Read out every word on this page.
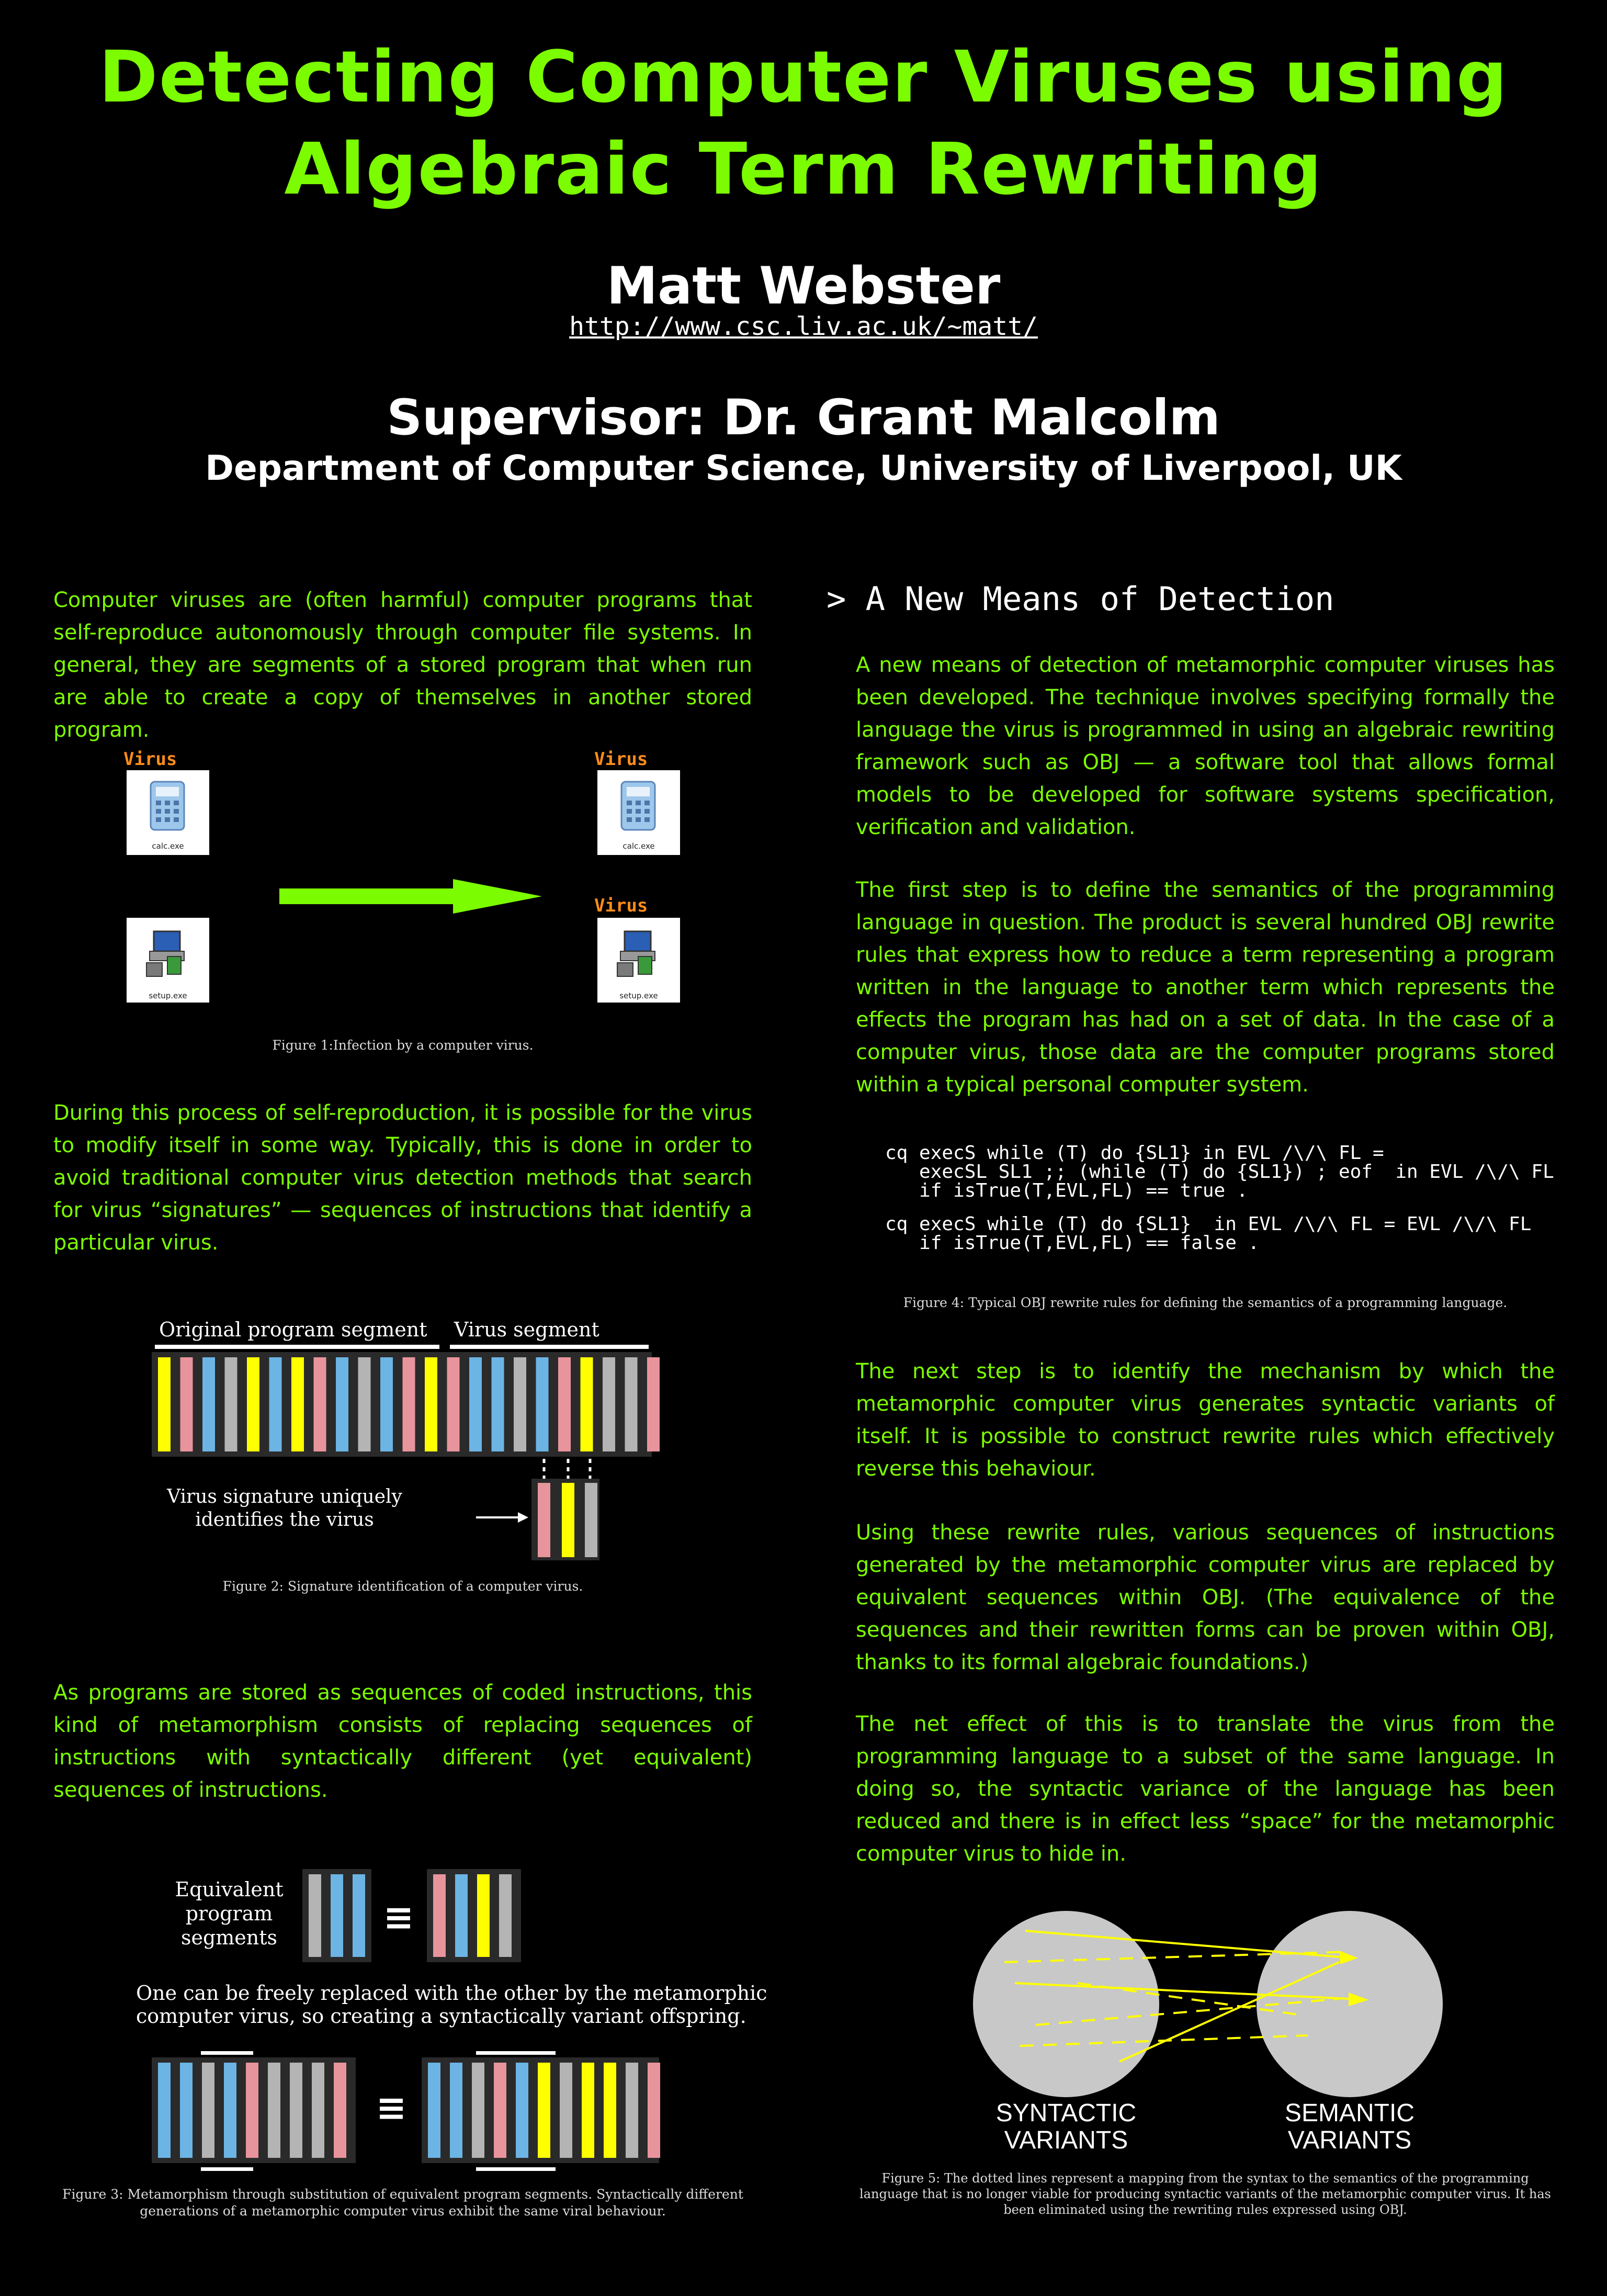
Detecting Computer Viruses using
Algebraic Term Rewriting
Matt Webster
http://www.csc.liv.ac.uk/~matt/
Supervisor: Dr. Grant Malcolm
Department of Computer Science, University of Liverpool, UK
Computer viruses are (often harmful) computer programs that self-reproduce autonomously through computer file systems. In general, they are segments of a stored program that when run are able to create a copy of themselves in another stored program.
Virus
calc.exe
setup.exe
Virus
calc.exe
Virus
setup.exe
Figure 1:Infection by a computer virus.
During this process of self-reproduction, it is possible for the virus to modify itself in some way. Typically, this is done in order to avoid traditional computer virus detection methods that search for virus “signatures” — sequences of instructions that identify a particular virus.
Original program segment Virus segment
Virus signature uniquely
identifies the virus
Figure 2: Signature identification of a computer virus.
As programs are stored as sequences of coded instructions, this kind of metamorphism consists of replacing sequences of instructions with syntactically different (yet equivalent) sequences of instructions.
Equivalent
program
segments	≡
One can be freely replaced with the other by the metamorphic
computer virus, so creating a syntactically variant offspring.
≡
Figure 3: Metamorphism through substitution of equivalent program segments. Syntactically different
generations of a metamorphic computer virus exhibit the same viral behaviour.
> A New Means of Detection
A new means of detection of metamorphic computer viruses has been developed. The technique involves specifying formally the language the virus is programmed in using an algebraic rewriting framework such as OBJ — a software tool that allows formal models to be developed for software systems specification, verification and validation.
The first step is to define the semantics of the programming language in question. The product is several hundred OBJ rewrite rules that express how to reduce a term representing a program written in the language to another term which represents the effects the program has had on a set of data. In the case of a computer virus, those data are the computer programs stored within a typical personal computer system.
cq execS while (T) do {SL1} in EVL /\/\ FL =
execSL SL1 ;; (while (T) do {SL1}) ; eof  in EVL /\/\ FL
if isTrue(T,EVL,FL) == true .
cq execS while (T) do {SL1}  in EVL /\/\ FL = EVL /\/\ FL
if isTrue(T,EVL,FL) == false .
Figure 4: Typical OBJ rewrite rules for defining the semantics of a programming language.
The next step is to identify the mechanism by which the metamorphic computer virus generates syntactic variants of itself. It is possible to construct rewrite rules which effectively reverse this behaviour.
Using these rewrite rules, various sequences of instructions generated by the metamorphic computer virus are replaced by equivalent sequences within OBJ. (The equivalence of the sequences and their rewritten forms can be proven within OBJ, thanks to its formal algebraic foundations.)
The net effect of this is to translate the virus from the programming language to a subset of the same language. In doing so, the syntactic variance of the language has been reduced and there is in effect less “space” for the metamorphic computer virus to hide in.
SYNTACTIC
VARIANTS
SEMANTIC
VARIANTS
Figure 5: The dotted lines represent a mapping from the syntax to the semantics of the programming
language that is no longer viable for producing syntactic variants of the metamorphic computer virus. It has
been eliminated using the rewriting rules expressed using OBJ.
